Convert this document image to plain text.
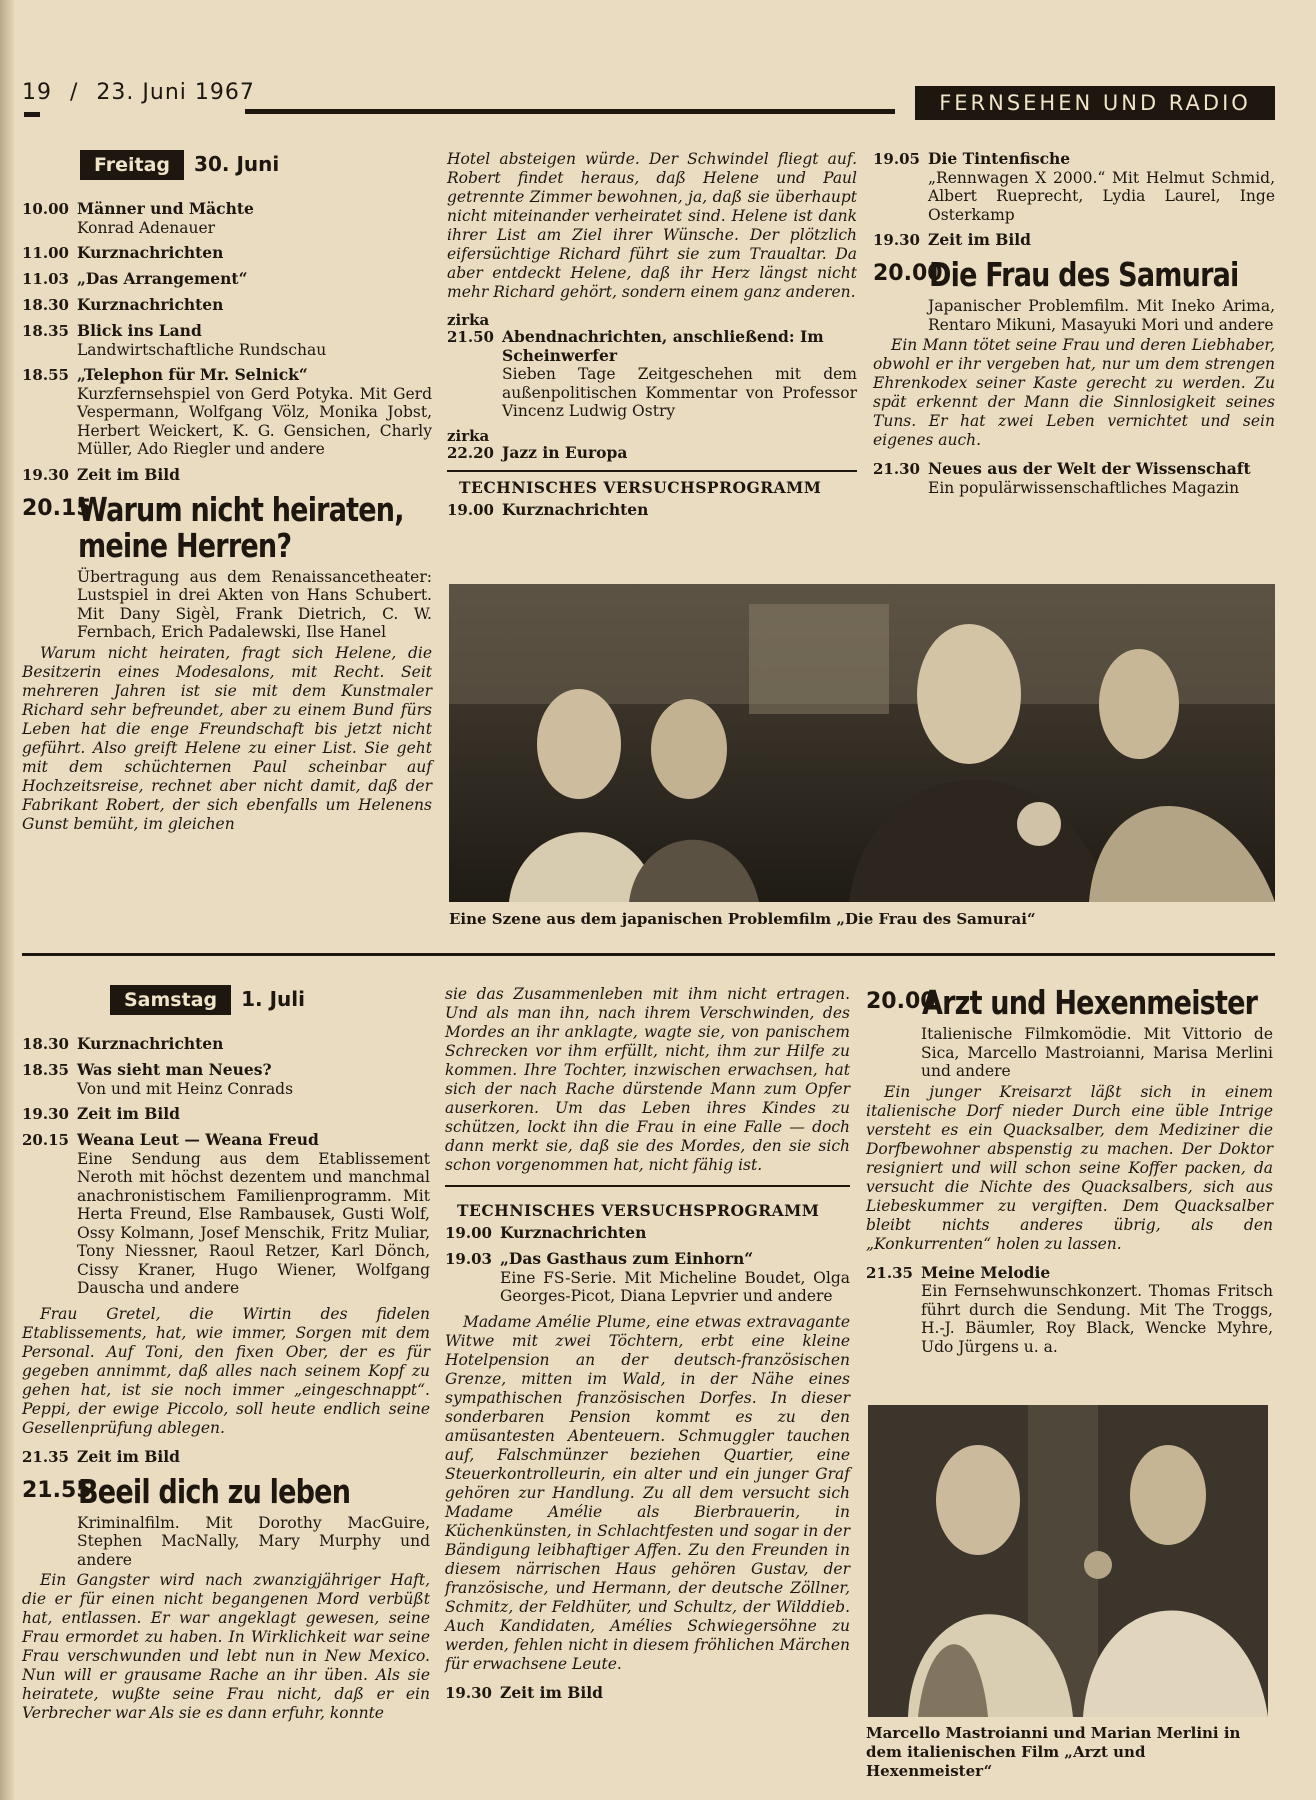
19 / 23. Juni 1967	FERNSEHEN UND RADIO
Freitag 30. Juni
10.00 Männer und Mächte
Konrad Adenauer
11.00 Kurznachrichten
11.03 „Das Arrangement“
18.30 Kurznachrichten
18.35 Blick ins Land
Landwirtschaftliche Rundschau
18.55 „Telephon für Mr. Selnick“
Kurzfernsehspiel von Gerd Potyka. Mit Gerd Vespermann, Wolfgang Völz, Monika Jobst, Herbert Weickert, K. G. Gensichen, Charly Müller, Ado Riegler und andere
19.30 Zeit im Bild
20.15
Warum nicht heiraten,
meine Herren?
Übertragung aus dem Renaissancetheater: Lustspiel in drei Akten von Hans Schubert. Mit Dany Sigèl, Frank Dietrich, C. W. Fernbach, Erich Padalewski, Ilse Hanel
Warum nicht heiraten, fragt sich Helene, die Besitzerin eines Modesalons, mit Recht. Seit mehreren Jahren ist sie mit dem Kunstmaler Richard sehr befreundet, aber zu einem Bund fürs Leben hat die enge Freundschaft bis jetzt nicht geführt. Also greift Helene zu einer List. Sie geht mit dem schüchternen Paul scheinbar auf Hochzeitsreise, rechnet aber nicht damit, daß der Fabrikant Robert, der sich ebenfalls um Helenens Gunst bemüht, im gleichen
Hotel absteigen würde. Der Schwindel fliegt auf. Robert findet heraus, daß Helene und Paul getrennte Zimmer bewohnen, ja, daß sie überhaupt nicht miteinander verheiratet sind. Helene ist dank ihrer List am Ziel ihrer Wünsche. Der plötzlich eifersüchtige Richard führt sie zum Traualtar. Da aber entdeckt Helene, daß ihr Herz längst nicht mehr Richard gehört, sondern einem ganz anderen.
zirka
21.50 Abendnachrichten, anschließend: Im Scheinwerfer
Sieben Tage Zeitgeschehen mit dem außenpolitischen Kommentar von Professor Vincenz Ludwig Ostry
zirka
22.20 Jazz in Europa
TECHNISCHES VERSUCHSPROGRAMM
19.00 Kurznachrichten
19.05 Die Tintenfische
„Rennwagen X 2000.“ Mit Helmut Schmid, Albert Rueprecht, Lydia Laurel, Inge Osterkamp
19.30 Zeit im Bild
20.00
Die Frau des Samurai
Japanischer Problemfilm. Mit Ineko Arima, Rentaro Mikuni, Masayuki Mori und andere
Ein Mann tötet seine Frau und deren Liebhaber, obwohl er ihr vergeben hat, nur um dem strengen Ehrenkodex seiner Kaste gerecht zu werden. Zu spät erkennt der Mann die Sinnlosigkeit seines Tuns. Er hat zwei Leben vernichtet und sein eigenes auch.
21.30 Neues aus der Welt der Wissenschaft
Ein populärwissenschaftliches Magazin
Eine Szene aus dem japanischen Problemfilm „Die Frau des Samurai“
Samstag 1. Juli
18.30 Kurznachrichten
18.35 Was sieht man Neues?
Von und mit Heinz Conrads
19.30 Zeit im Bild
20.15 Weana Leut — Weana Freud
Eine Sendung aus dem Etablissement Neroth mit höchst dezentem und manchmal anachronistischem Familienprogramm. Mit Herta Freund, Else Rambausek, Gusti Wolf, Ossy Kolmann, Josef Menschik, Fritz Muliar, Tony Niessner, Raoul Retzer, Karl Dönch, Cissy Kraner, Hugo Wiener, Wolfgang Dauscha und andere
Frau Gretel, die Wirtin des fidelen Etablissements, hat, wie immer, Sorgen mit dem Personal. Auf Toni, den fixen Ober, der es für gegeben annimmt, daß alles nach seinem Kopf zu gehen hat, ist sie noch immer „eingeschnappt“. Peppi, der ewige Piccolo, soll heute endlich seine Gesellenprüfung ablegen.
21.35 Zeit im Bild
21.55
Beeil dich zu leben
Kriminalfilm. Mit Dorothy MacGuire, Stephen MacNally, Mary Murphy und andere
Ein Gangster wird nach zwanzigjähriger Haft, die er für einen nicht begangenen Mord verbüßt hat, entlassen. Er war angeklagt gewesen, seine Frau ermordet zu haben. In Wirklichkeit war seine Frau verschwunden und lebt nun in New Mexico. Nun will er grausame Rache an ihr üben. Als sie heiratete, wußte seine Frau nicht, daß er ein Verbrecher war Als sie es dann erfuhr, konnte
sie das Zusammenleben mit ihm nicht ertragen. Und als man ihn, nach ihrem Verschwinden, des Mordes an ihr anklagte, wagte sie, von panischem Schrecken vor ihm erfüllt, nicht, ihm zur Hilfe zu kommen. Ihre Tochter, inzwischen erwachsen, hat sich der nach Rache dürstende Mann zum Opfer auserkoren. Um das Leben ihres Kindes zu schützen, lockt ihn die Frau in eine Falle — doch dann merkt sie, daß sie des Mordes, den sie sich schon vorgenommen hat, nicht fähig ist.
TECHNISCHES VERSUCHSPROGRAMM
19.00 Kurznachrichten
19.03 „Das Gasthaus zum Einhorn“
Eine FS-Serie. Mit Micheline Boudet, Olga Georges-Picot, Diana Lepvrier und andere
Madame Amélie Plume, eine etwas extravagante Witwe mit zwei Töchtern, erbt eine kleine Hotelpension an der deutsch-französischen Grenze, mitten im Wald, in der Nähe eines sympathischen französischen Dorfes. In dieser sonderbaren Pension kommt es zu den amüsantesten Abenteuern. Schmuggler tauchen auf, Falschmünzer beziehen Quartier, eine Steuerkontrolleurin, ein alter und ein junger Graf gehören zur Handlung. Zu all dem versucht sich Madame Amélie als Bierbrauerin, in Küchenkünsten, in Schlachtfesten und sogar in der Bändigung leibhaftiger Affen. Zu den Freunden in diesem närrischen Haus gehören Gustav, der französische, und Hermann, der deutsche Zöllner, Schmitz, der Feldhüter, und Schultz, der Wilddieb. Auch Kandidaten, Amélies Schwiegersöhne zu werden, fehlen nicht in diesem fröhlichen Märchen für erwachsene Leute.
19.30 Zeit im Bild
20.00
Arzt und Hexenmeister
Italienische Filmkomödie. Mit Vittorio de Sica, Marcello Mastroianni, Marisa Merlini und andere
Ein junger Kreisarzt läßt sich in einem italienische Dorf nieder Durch eine üble Intrige versteht es ein Quacksalber, dem Mediziner die Dorfbewohner abspenstig zu machen. Der Doktor resigniert und will schon seine Koffer packen, da versucht die Nichte des Quacksalbers, sich aus Liebeskummer zu vergiften. Dem Quacksalber bleibt nichts anderes übrig, als den „Konkurrenten“ holen zu lassen.
21.35 Meine Melodie
Ein Fernsehwunschkonzert. Thomas Fritsch führt durch die Sendung. Mit The Troggs, H.-J. Bäumler, Roy Black, Wencke Myhre, Udo Jürgens u. a.
Marcello Mastroianni und Marian Merlini in dem italienischen Film „Arzt und Hexenmeister“
